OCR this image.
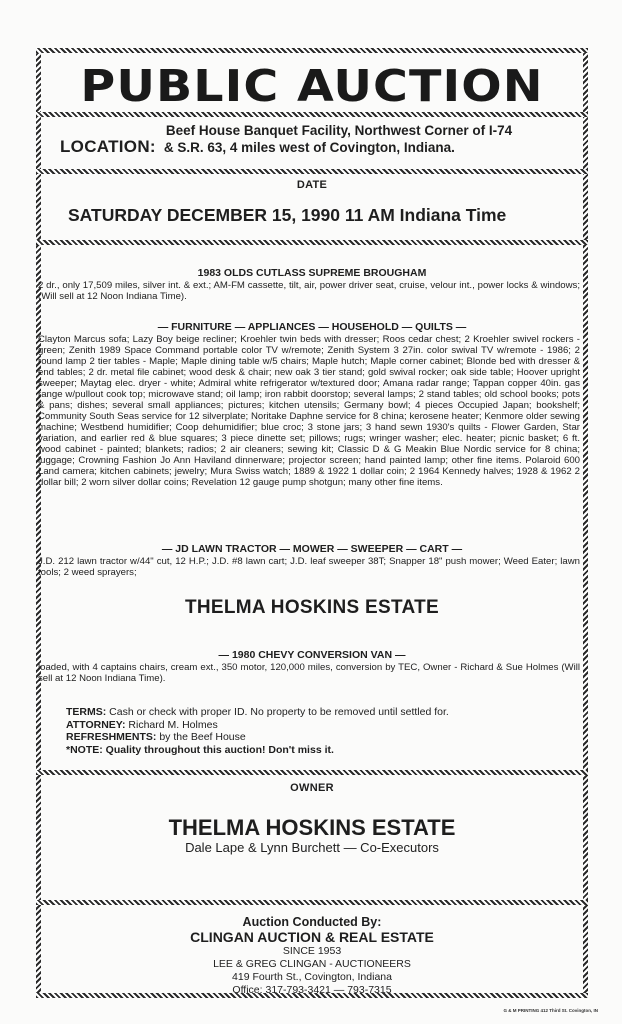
PUBLIC AUCTION
LOCATION:
Beef House Banquet Facility, Northwest Corner of I-74
& S.R. 63, 4 miles west of Covington, Indiana.
DATE
SATURDAY DECEMBER 15, 1990 11 AM Indiana Time
1983 OLDS CUTLASS SUPREME BROUGHAM
2 dr., only 17,509 miles, silver int. & ext.; AM-FM cassette, tilt, air, power driver seat, cruise, velour int., power locks & windows; (Will sell at 12 Noon Indiana Time).
— FURNITURE — APPLIANCES — HOUSEHOLD — QUILTS —
Clayton Marcus sofa; Lazy Boy beige recliner; Kroehler twin beds with dresser; Roos cedar chest; 2 Kroehler swivel rockers - green; Zenith 1989 Space Command portable color TV w/remote; Zenith System 3 27in. color swival TV w/remote - 1986; 2 round lamp 2 tier tables - Maple; Maple dining table w/5 chairs; Maple hutch; Maple corner cabinet; Blonde bed with dresser & end tables; 2 dr. metal file cabinet; wood desk & chair; new oak 3 tier stand; gold swival rocker; oak side table; Hoover upright sweeper; Maytag elec. dryer - white; Admiral white refrigerator w/textured door; Amana radar range; Tappan copper 40in. gas range w/pullout cook top; microwave stand; oil lamp; iron rabbit doorstop; several lamps; 2 stand tables; old school books; pots & pans; dishes; several small appliances; pictures; kitchen utensils; Germany bowl; 4 pieces Occupied Japan; bookshelf; Community South Seas service for 12 silverplate; Noritake Daphne service for 8 china; kerosene heater; Kenmore older sewing machine; Westbend humidifier; Coop dehumidifier; blue croc; 3 stone jars; 3 hand sewn 1930's quilts - Flower Garden, Star variation, and earlier red & blue squares; 3 piece dinette set; pillows; rugs; wringer washer; elec. heater; picnic basket; 6 ft. wood cabinet - painted; blankets; radios; 2 air cleaners; sewing kit; Classic D & G Meakin Blue Nordic service for 8 china; luggage; Crowning Fashion Jo Ann Haviland dinnerware; projector screen; hand painted lamp; other fine items. Polaroid 600 Land camera; kitchen cabinets; jewelry; Mura Swiss watch; 1889 & 1922 1 dollar coin; 2 1964 Kennedy halves; 1928 & 1962 2 dollar bill; 2 worn silver dollar coins; Revelation 12 gauge pump shotgun; many other fine items.
— JD LAWN TRACTOR — MOWER — SWEEPER — CART —
J.D. 212 lawn tractor w/44" cut, 12 H.P.; J.D. #8 lawn cart; J.D. leaf sweeper 38T; Snapper 18" push mower; Weed Eater; lawn tools; 2 weed sprayers;
THELMA HOSKINS ESTATE
— 1980 CHEVY CONVERSION VAN —
loaded, with 4 captains chairs, cream ext., 350 motor, 120,000 miles, conversion by TEC, Owner - Richard & Sue Holmes (Will sell at 12 Noon Indiana Time).
TERMS: Cash or check with proper ID. No property to be removed until settled for.
ATTORNEY: Richard M. Holmes
REFRESHMENTS: by the Beef House
*NOTE: Quality throughout this auction! Don't miss it.
OWNER
THELMA HOSKINS ESTATE
Dale Lape & Lynn Burchett — Co-Executors
Auction Conducted By:
CLINGAN AUCTION & REAL ESTATE
SINCE 1953
LEE & GREG CLINGAN - AUCTIONEERS
419 Fourth St., Covington, Indiana
Office: 317-793-3421 — 793-7315
G & M PRINTING 412 Third St. Covington, IN
